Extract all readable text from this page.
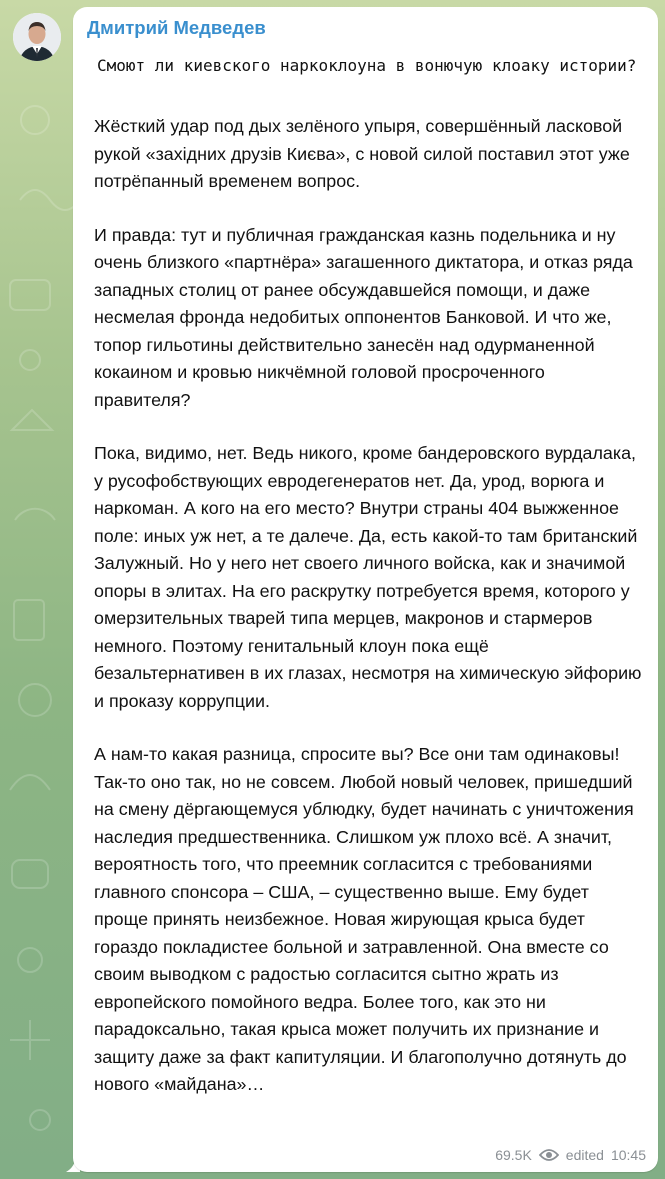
Дмитрий Медведев
Смоют ли киевского наркоклоуна в вонючую клоаку истории?

Жёсткий удар под дых зелёного упыря, совершённый ласковой рукой «західних друзів Києва», с новой силой поставил этот уже потрёпанный временем вопрос.

И правда: тут и публичная гражданская казнь подельника и ну очень близкого «партнёра» загашенного диктатора, и отказ ряда западных столиц от ранее обсуждавшейся помощи, и даже несмелая фронда недобитых оппонентов Банковой. И что же, топор гильотины действительно занесён над одурманенной кокаином и кровью никчёмной головой просроченного правителя?

Пока, видимо, нет. Ведь никого, кроме бандеровского вурдалака, у русофобствующих евродегенератов нет. Да, урод, ворюга и наркоман. А кого на его место? Внутри страны 404 выжженное поле: иных уж нет, а те далече. Да, есть какой-то там британский Залужный. Но у него нет своего личного войска, как и значимой опоры в элитах. На его раскрутку потребуется время, которого у омерзительных тварей типа мерцев, макронов и стармеров немного. Поэтому генитальный клоун пока ещё безальтернативен в их глазах, несмотря на химическую эйфорию и проказу коррупции.

А нам-то какая разница, спросите вы? Все они там одинаковы! Так-то оно так, но не совсем. Любой новый человек, пришедший на смену дёргающемуся ублюдку, будет начинать с уничтожения наследия предшественника. Слишком уж плохо всё. А значит, вероятность того, что преемник согласится с требованиями главного спонсора – США, – существенно выше. Ему будет проще принять неизбежное. Новая жирующая крыса будет гораздо покладистее больной и затравленной. Она вместе со своим выводком с радостью согласится сытно жрать из европейского помойного ведра. Более того, как это ни парадоксально, такая крыса может получить их признание и защиту даже за факт капитуляции. И благополучно дотянуть до нового «майдана»…

69.5K edited 10:45
